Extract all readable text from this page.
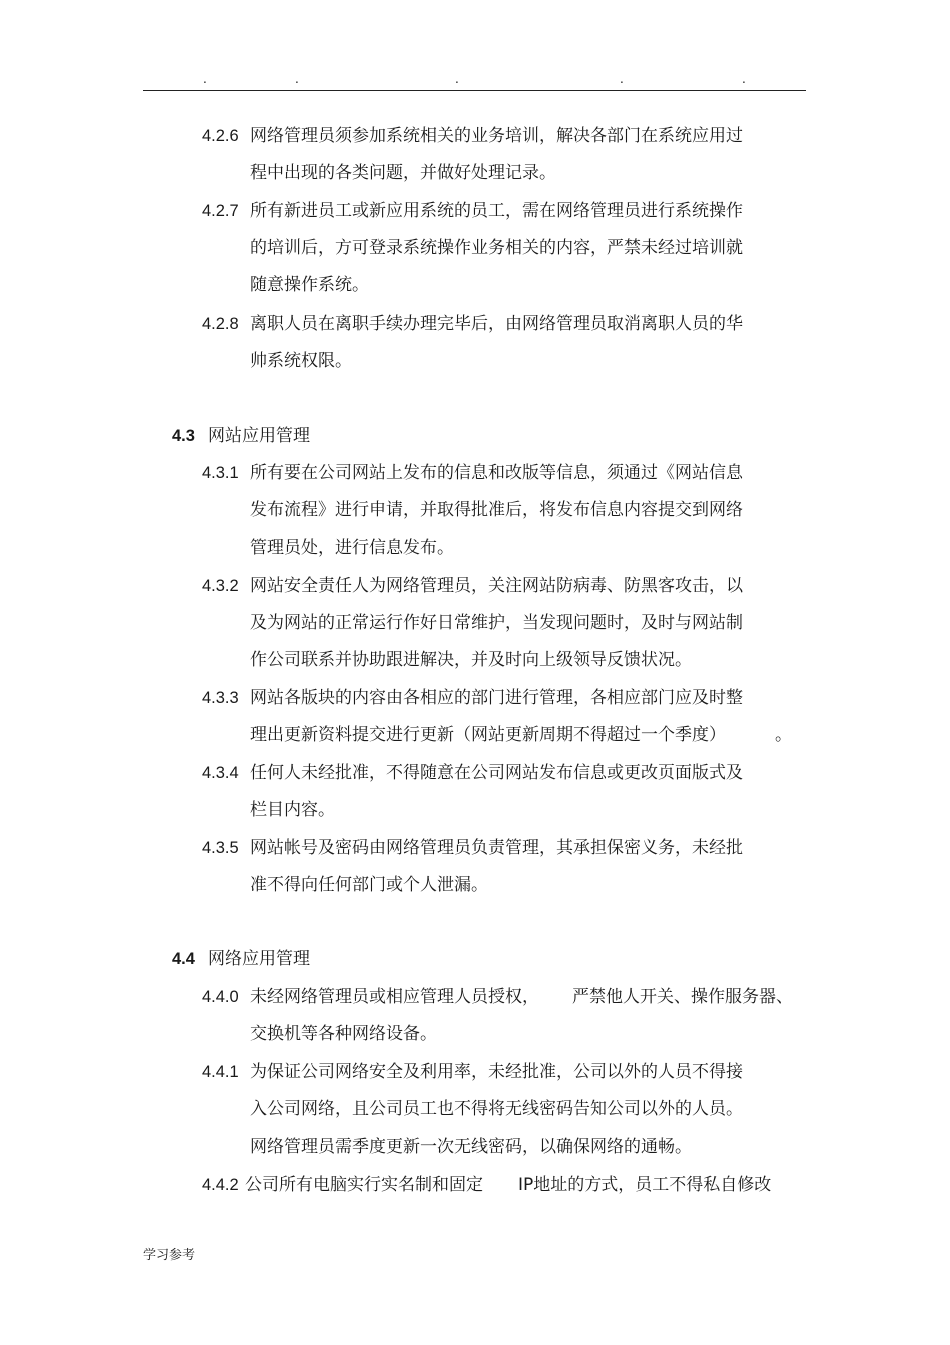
.	.	.	.	.
4.2.6 网络管理员须参加系统相关的业务培训，解决各部门在系统应用过
程中出现的各类问题，并做好处理记录。
4.2.7 所有新进员工或新应用系统的员工，需在网络管理员进行系统操作
的培训后，方可登录系统操作业务相关的内容，严禁未经过培训就
随意操作系统。
4.2.8 离职人员在离职手续办理完毕后，由网络管理员取消离职人员的华
帅系统权限。
4.3 网站应用管理
4.3.1 所有要在公司网站上发布的信息和改版等信息，须通过《网站信息
发布流程》进行申请，并取得批准后，将发布信息内容提交到网络
管理员处，进行信息发布。
4.3.2 网站安全责任人为网络管理员，关注网站防病毒、防黑客攻击，以
及为网站的正常运行作好日常维护，当发现问题时，及时与网站制
作公司联系并协助跟进解决，并及时向上级领导反馈状况。
4.3.3 网站各版块的内容由各相应的部门进行管理，各相应部门应及时整
理出更新资料提交进行更新（网站更新周期不得超过一个季度）	。
4.3.4 任何人未经批准，不得随意在公司网站发布信息或更改页面版式及
栏目内容。
4.3.5 网站帐号及密码由网络管理员负责管理，其承担保密义务，未经批
准不得向任何部门或个人泄漏。
4.4 网络应用管理
4.4.0 未经网络管理员或相应管理人员授权， 严禁他人开关、操作服务器、
交换机等各种网络设备。
4.4.1 为保证公司网络安全及利用率，未经批准，公司以外的人员不得接
入公司网络，且公司员工也不得将无线密码告知公司以外的人员。
网络管理员需季度更新一次无线密码，以确保网络的通畅。
4.4.2 公司所有电脑实行实名制和固定 IP地址的方式，员工不得私自修改
学习参考
